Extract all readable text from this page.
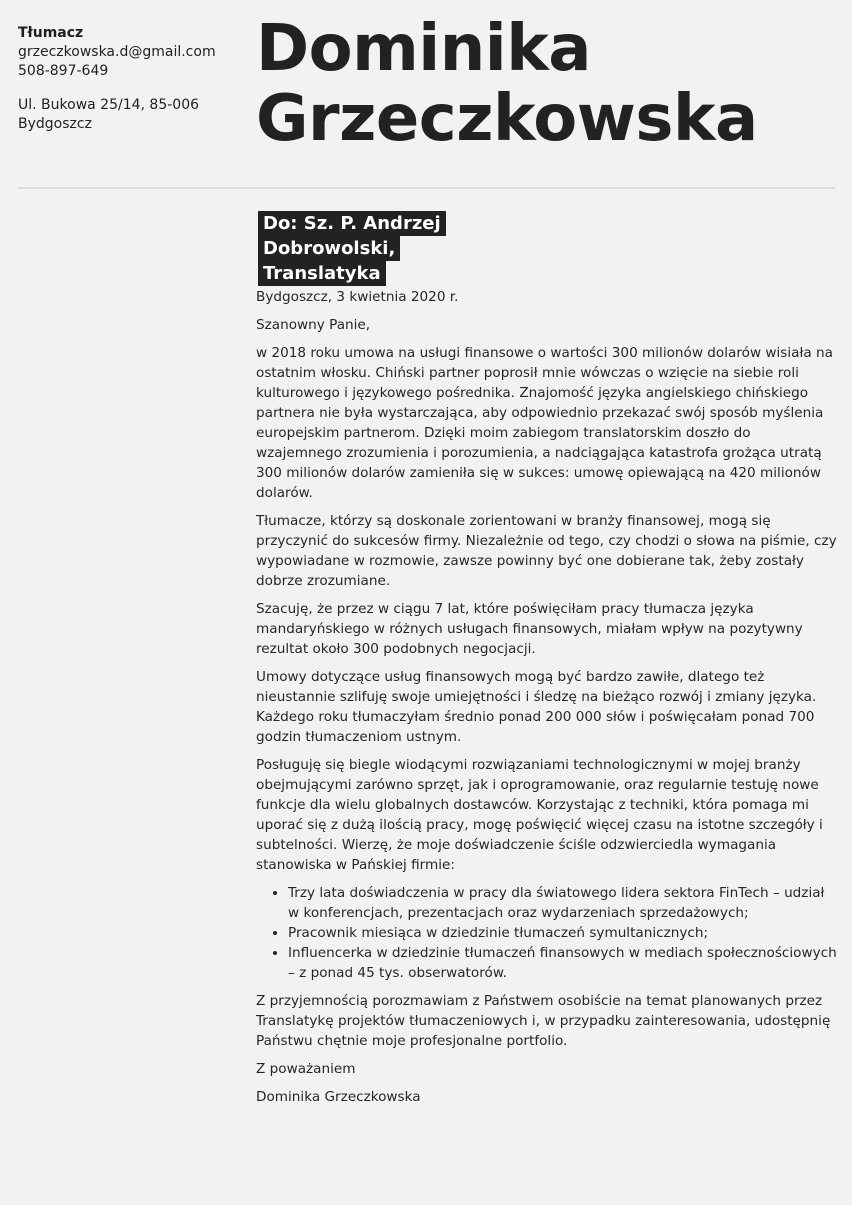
Tłumacz
grzeczkowska.d@gmail.com
508-897-649
Ul. Bukowa 25/14, 85-006
Bydgoszcz
Dominika
Grzeczkowska
Do: Sz. P. Andrzej Dobrowolski,
Translatyka

Bydgoszcz, 3 kwietnia 2020 r.

Szanowny Panie,

w 2018 roku umowa na usługi finansowe o wartości 300 milionów dolarów wisiała na ostatnim włosku. Chiński partner poprosił mnie wówczas o wzięcie na siebie roli kulturowego i językowego pośrednika. Znajomość języka angielskiego chińskiego partnera nie była wystarczająca, aby odpowiednio przekazać swój sposób myślenia europejskim partnerom. Dzięki moim zabiegom translatorskim doszło do wzajemnego zrozumienia i porozumienia, a nadciągająca katastrofa grożąca utratą 300 milionów dolarów zamieniła się w sukces: umowę opiewającą na 420 milionów dolarów.

Tłumacze, którzy są doskonale zorientowani w branży finansowej, mogą się przyczynić do sukcesów firmy. Niezależnie od tego, czy chodzi o słowa na piśmie, czy wypowiadane w rozmowie, zawsze powinny być one dobierane tak, żeby zostały dobrze zrozumiane.

Szacuję, że przez w ciągu 7 lat, które poświęciłam pracy tłumacza języka mandaryńskiego w różnych usługach finansowych, miałam wpływ na pozytywny rezultat około 300 podobnych negocjacji.

Umowy dotyczące usług finansowych mogą być bardzo zawiłe, dlatego też nieustannie szlifuję swoje umiejętności i śledzę na bieżąco rozwój i zmiany języka. Każdego roku tłumaczyłam średnio ponad 200 000 słów i poświęcałam ponad 700 godzin tłumaczeniom ustnym.

Posługuję się biegle wiodącymi rozwiązaniami technologicznymi w mojej branży obejmującymi zarówno sprzęt, jak i oprogramowanie, oraz regularnie testuję nowe funkcje dla wielu globalnych dostawców. Korzystając z techniki, która pomaga mi uporać się z dużą ilością pracy, mogę poświęcić więcej czasu na istotne szczegóły i subtelności. Wierzę, że moje doświadczenie ściśle odzwierciedla wymagania stanowiska w Pańskiej firmie:

• Trzy lata doświadczenia w pracy dla światowego lidera sektora FinTech – udział w konferencjach, prezentacjach oraz wydarzeniach sprzedażowych;
• Pracownik miesiąca w dziedzinie tłumaczeń symultanicznych;
• Influencerka w dziedzinie tłumaczeń finansowych w mediach społecznościowych – z ponad 45 tys. obserwatorów.

Z przyjemnością porozmawiam z Państwem osobiście na temat planowanych przez Translatykę projektów tłumaczeniowych i, w przypadku zainteresowania, udostępnię Państwu chętnie moje profesjonalne portfolio.

Z poważaniem

Dominika Grzeczkowska
